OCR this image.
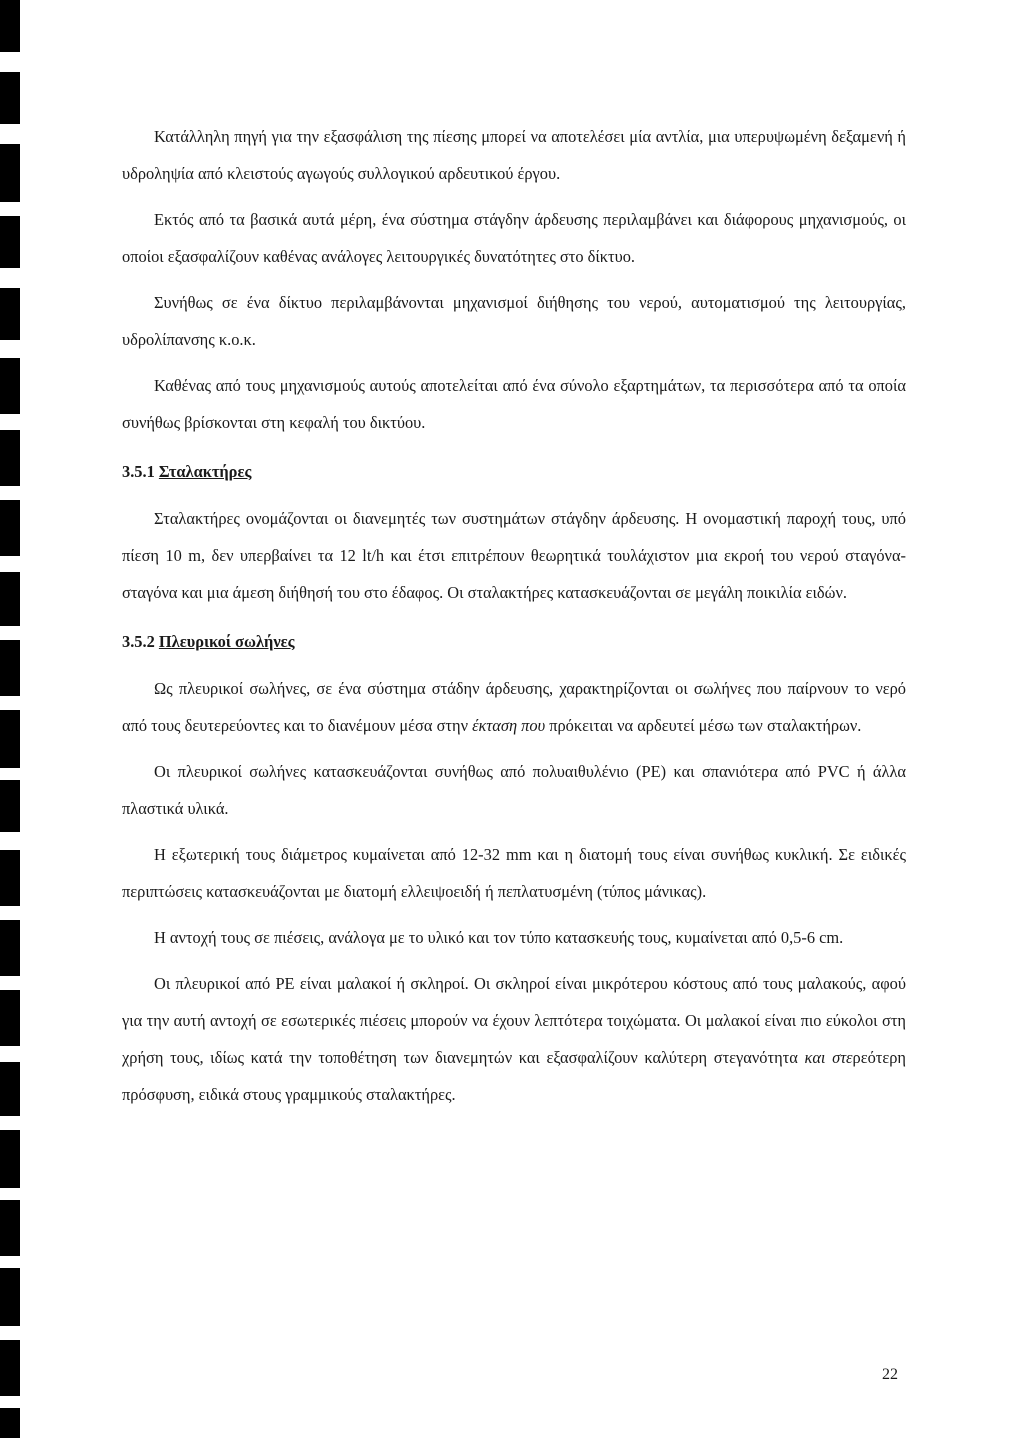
Κατάλληλη πηγή για την εξασφάλιση της πίεσης μπορεί να αποτελέσει μία αντλία, μια υπερυψωμένη δεξαμενή ή υδροληψία από κλειστούς αγωγούς συλλογικού αρδευτικού έργου.

Εκτός από τα βασικά αυτά μέρη, ένα σύστημα στάγδην άρδευσης περιλαμβάνει και διάφορους μηχανισμούς, οι οποίοι εξασφαλίζουν καθένας ανάλογες λειτουργικές δυνατότητες στο δίκτυο.

Συνήθως σε ένα δίκτυο περιλαμβάνονται μηχανισμοί διήθησης του νερού, αυτοματισμού της λειτουργίας, υδρολίπανσης κ.ο.κ.

Καθένας από τους μηχανισμούς αυτούς αποτελείται από ένα σύνολο εξαρτημάτων, τα περισσότερα από τα οποία συνήθως βρίσκονται στη κεφαλή του δικτύου.

3.5.1 Σταλακτήρες

Σταλακτήρες ονομάζονται οι διανεμητές των συστημάτων στάγδην άρδευσης. Η ονομαστική παροχή τους, υπό πίεση 10 m, δεν υπερβαίνει τα 12 lt/h και έτσι επιτρέπουν θεωρητικά τουλάχιστον μια εκροή του νερού σταγόνα-σταγόνα και μια άμεση διήθησή του στο έδαφος. Οι σταλακτήρες κατασκευάζονται σε μεγάλη ποικιλία ειδών.

3.5.2 Πλευρικοί σωλήνες

Ως πλευρικοί σωλήνες, σε ένα σύστημα στάδην άρδευσης, χαρακτηρίζονται οι σωλήνες που παίρνουν το νερό από τους δευτερεύοντες και το διανέμουν μέσα στην έκταση που πρόκειται να αρδευτεί μέσω των σταλακτήρων.

Οι πλευρικοί σωλήνες κατασκευάζονται συνήθως από πολυαιθυλένιο (PE) και σπανιότερα από PVC ή άλλα πλαστικά υλικά.

Η εξωτερική τους διάμετρος κυμαίνεται από 12-32 mm και η διατομή τους είναι συνήθως κυκλική. Σε ειδικές περιπτώσεις κατασκευάζονται με διατομή ελλειψοειδή ή πεπλατυσμένη (τύπος μάνικας).

Η αντοχή τους σε πιέσεις, ανάλογα με το υλικό και τον τύπο κατασκευής τους, κυμαίνεται από 0,5-6 cm.

Οι πλευρικοί από PE είναι μαλακοί ή σκληροί. Οι σκληροί είναι μικρότερου κόστους από τους μαλακούς, αφού για την αυτή αντοχή σε εσωτερικές πιέσεις μπορούν να έχουν λεπτότερα τοιχώματα. Οι μαλακοί είναι πιο εύκολοι στη χρήση τους, ιδίως κατά την τοποθέτηση των διανεμητών και εξασφαλίζουν καλύτερη στεγανότητα και στερεότερη πρόσφυση, ειδικά στους γραμμικούς σταλακτήρες.

22
